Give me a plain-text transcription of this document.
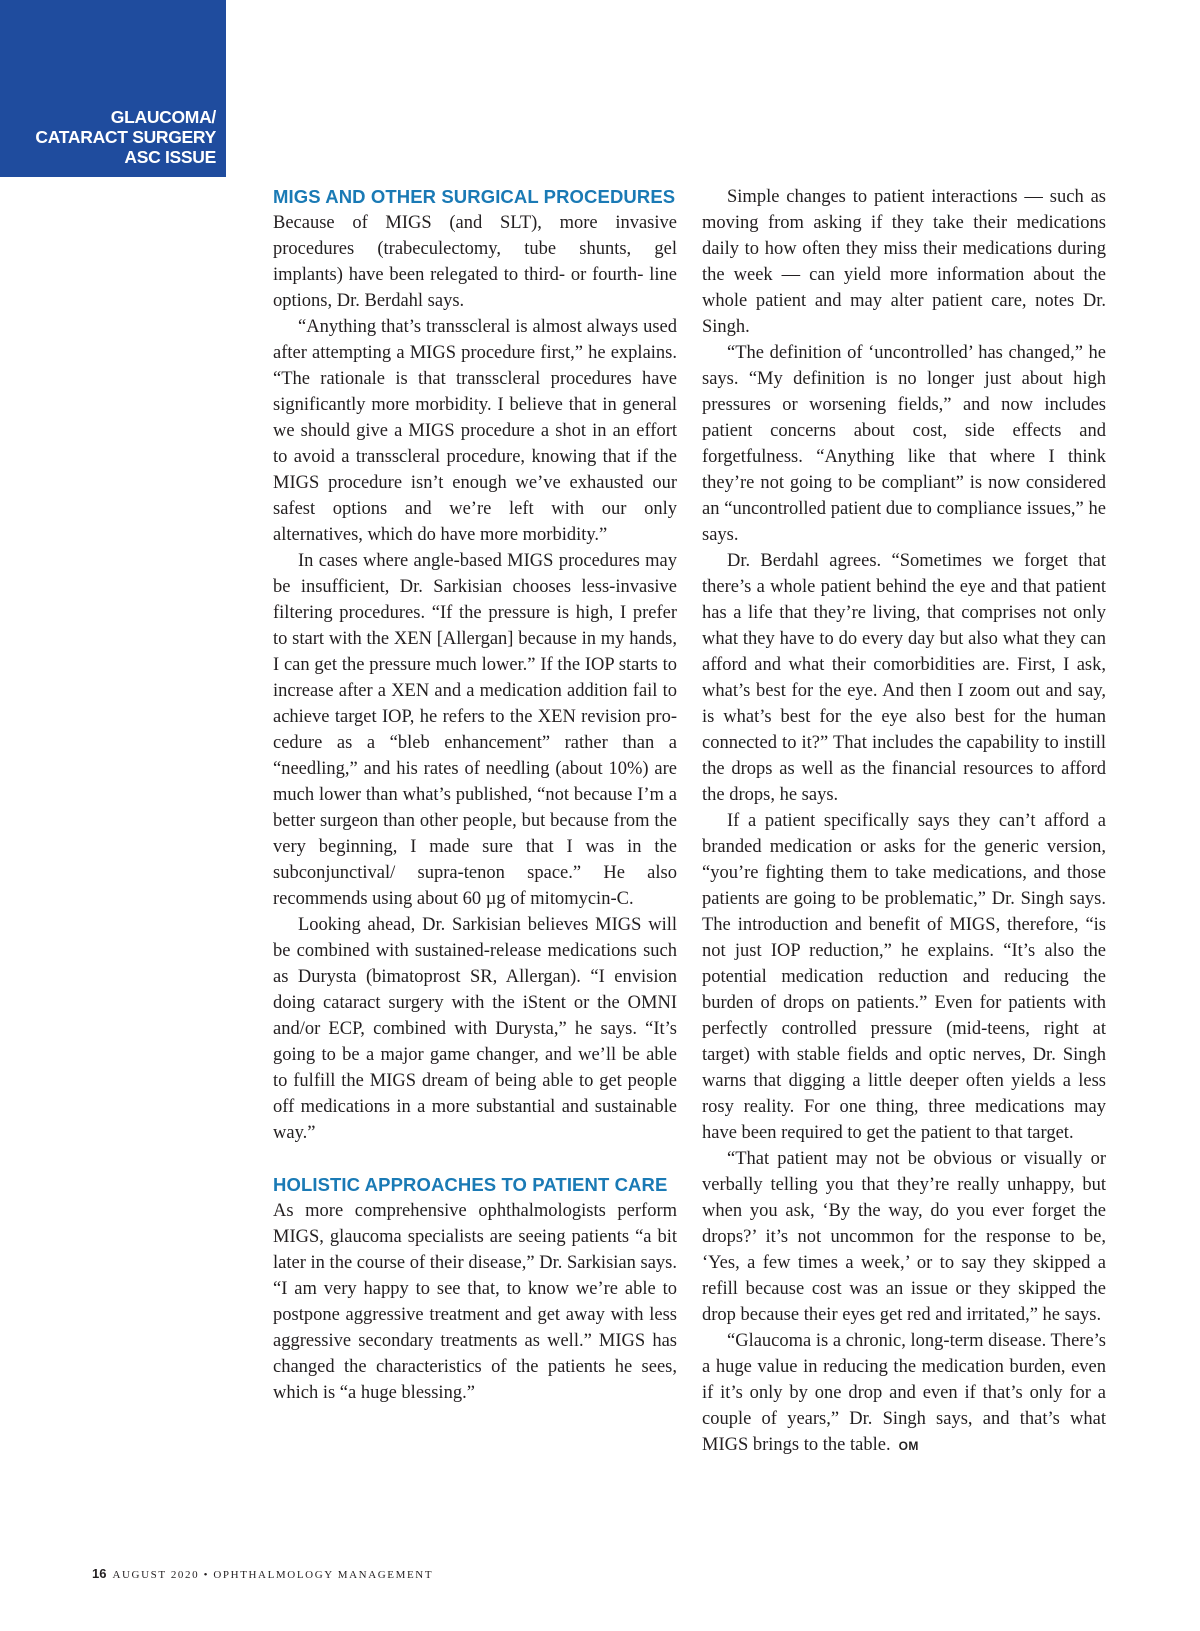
GLAUCOMA/
CATARACT SURGERY
ASC ISSUE
MIGS AND OTHER SURGICAL PROCEDURES

Because of MIGS (and SLT), more invasive procedures (trabeculectomy, tube shunts, gel implants) have been relegated to third- or fourth- line options, Dr. Berdahl says.

“Anything that’s transscleral is almost always used after attempting a MIGS procedure first,” he explains. “The rationale is that transscleral procedures have significantly more morbidity. I believe that in general we should give a MIGS procedure a shot in an effort to avoid a transscleral procedure, knowing that if the MIGS procedure isn’t enough we’ve exhausted our safest options and we’re left with our only alternatives, which do have more morbidity.”

In cases where angle-based MIGS procedures may be insufficient, Dr. Sarkisian chooses less-invasive filtering procedures. “If the pressure is high, I prefer to start with the XEN [Allergan] because in my hands, I can get the pressure much lower.” If the IOP starts to increase after a XEN and a medication addition fail to achieve target IOP, he refers to the XEN revision procedure as a “bleb enhancement” rather than a “needling,” and his rates of needling (about 10%) are much lower than what’s published, “not because I’m a better surgeon than other people, but because from the very beginning, I made sure that I was in the subconjunctival/ supra-tenon space.” He also recommends using about 60 µg of mitomycin-C.

Looking ahead, Dr. Sarkisian believes MIGS will be combined with sustained-release medications such as Durysta (bimatoprost SR, Allergan). “I envision doing cataract surgery with the iStent or the OMNI and/or ECP, combined with Durysta,” he says. “It’s going to be a major game changer, and we’ll be able to fulfill the MIGS dream of being able to get people off medications in a more substantial and sustainable way.”

HOLISTIC APPROACHES TO PATIENT CARE

As more comprehensive ophthalmologists perform MIGS, glaucoma specialists are seeing patients “a bit later in the course of their disease,” Dr. Sarkisian says. “I am very happy to see that, to know we’re able to postpone aggressive treatment and get away with less aggressive secondary treatments as well.” MIGS has changed the characteristics of the patients he sees, which is “a huge blessing.”

Simple changes to patient interactions — such as moving from asking if they take their medications daily to how often they miss their medications during the week — can yield more information about the whole patient and may alter patient care, notes Dr. Singh.

“The definition of ‘uncontrolled’ has changed,” he says. “My definition is no longer just about high pressures or worsening fields,” and now includes patient concerns about cost, side effects and forgetfulness. “Anything like that where I think they’re not going to be compliant” is now considered an “uncontrolled patient due to compliance issues,” he says.

Dr. Berdahl agrees. “Sometimes we forget that there’s a whole patient behind the eye and that patient has a life that they’re living, that comprises not only what they have to do every day but also what they can afford and what their comorbidities are. First, I ask, what’s best for the eye. And then I zoom out and say, is what’s best for the eye also best for the human connected to it?” That includes the capability to instill the drops as well as the financial resources to afford the drops, he says.

If a patient specifically says they can’t afford a branded medication or asks for the generic version, “you’re fighting them to take medications, and those patients are going to be problematic,” Dr. Singh says. The introduction and benefit of MIGS, therefore, “is not just IOP reduction,” he explains. “It’s also the potential medication reduction and reducing the burden of drops on patients.” Even for patients with perfectly controlled pressure (mid-teens, right at target) with stable fields and optic nerves, Dr. Singh warns that digging a little deeper often yields a less rosy reality. For one thing, three medications may have been required to get the patient to that target.

“That patient may not be obvious or visually or verbally telling you that they’re really unhappy, but when you ask, ‘By the way, do you ever forget the drops?’ it’s not uncommon for the response to be, ‘Yes, a few times a week,’ or to say they skipped a refill because cost was an issue or they skipped the drop because their eyes get red and irritated,” he says.

“Glaucoma is a chronic, long-term disease. There’s a huge value in reducing the medication burden, even if it’s only by one drop and even if that’s only for a couple of years,” Dr. Singh says, and that’s what MIGS brings to the table. OM

16 AUGUST 2020 • OPHTHALMOLOGY MANAGEMENT
